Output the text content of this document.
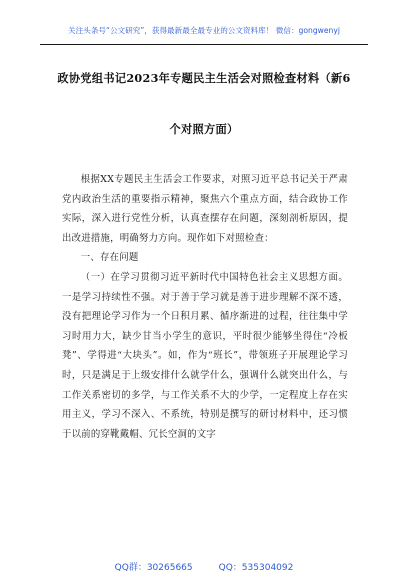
关注头条号“公文研究”，获得最新最全最专业的公文资料库！ 微信：gongwenyj
政协党组书记2023年专题民主生活会对照检查材料（新6
个对照方面）

根据XX专题民主生活会工作要求，对照习近平总书记关于严肃党内政治生活的重要指示精神，聚焦六个重点方面，结合政协工作实际，深入进行党性分析，认真查摆存在问题，深刻剖析原因，提出改进措施，明确努力方向。现作如下对照检查：

一、存在问题

（一）在学习贯彻习近平新时代中国特色社会主义思想方面。一是学习持续性不强。对于善于学习就是善于进步理解不深不透，没有把理论学习作为一个日积月累、循序渐进的过程，往往集中学习时用力大，缺少甘当小学生的意识，平时很少能够坐得住“冷板凳”、学得进“大块头”。如，作为“班长”，带领班子开展理论学习时，只是满足于上级安排什么就学什么，强调什么就突出什么，与工作关系密切的多学，与工作关系不大的少学，一定程度上存在实用主义，学习不深入、不系统，特别是撰写的研讨材料中，还习惯于以前的穿靴戴帽、冗长空洞的文字

QQ群：30265665	QQ：535304092
